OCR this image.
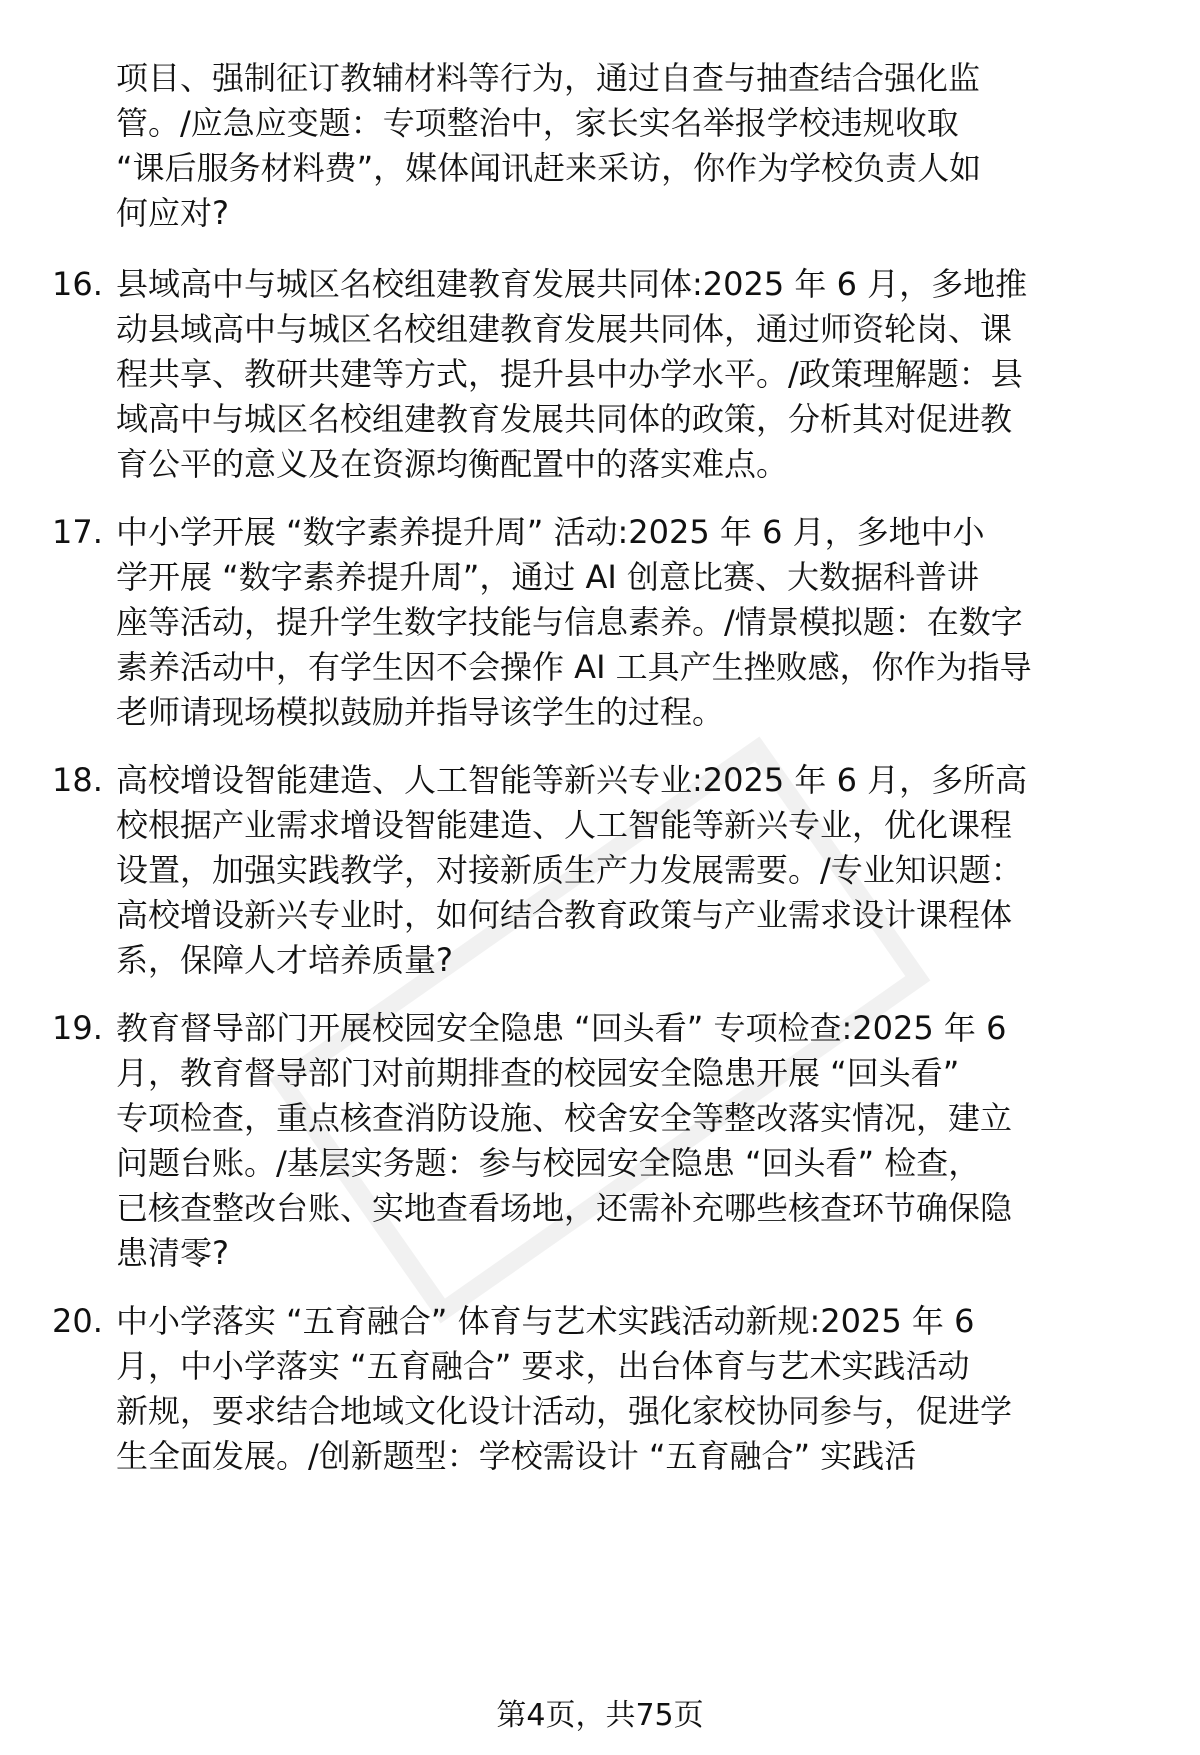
项目、强制征订教辅材料等行为，通过自查与抽查结合强化监
管。/应急应变题：专项整治中，家长实名举报学校违规收取
“课后服务材料费”，媒体闻讯赶来采访，你作为学校负责人如
何应对?
16. 县域高中与城区名校组建教育发展共同体:2025 年 6 月，多地推
动县域高中与城区名校组建教育发展共同体，通过师资轮岗、课
程共享、教研共建等方式，提升县中办学水平。/政策理解题：县
域高中与城区名校组建教育发展共同体的政策，分析其对促进教
育公平的意义及在资源均衡配置中的落实难点。
17. 中小学开展 “数字素养提升周” 活动:2025 年 6 月，多地中小
学开展 “数字素养提升周”，通过 AI 创意比赛、大数据科普讲
座等活动，提升学生数字技能与信息素养。/情景模拟题：在数字
素养活动中，有学生因不会操作 AI 工具产生挫败感，你作为指导
老师请现场模拟鼓励并指导该学生的过程。
18. 高校增设智能建造、人工智能等新兴专业:2025 年 6 月，多所高
校根据产业需求增设智能建造、人工智能等新兴专业，优化课程
设置，加强实践教学，对接新质生产力发展需要。/专业知识题：
高校增设新兴专业时，如何结合教育政策与产业需求设计课程体
系，保障人才培养质量?
19. 教育督导部门开展校园安全隐患 “回头看” 专项检查:2025 年 6
月，教育督导部门对前期排查的校园安全隐患开展 “回头看”
专项检查，重点核查消防设施、校舍安全等整改落实情况，建立
问题台账。/基层实务题：参与校园安全隐患 “回头看” 检查，
已核查整改台账、实地查看场地，还需补充哪些核查环节确保隐
患清零?
20. 中小学落实 “五育融合” 体育与艺术实践活动新规:2025 年 6
月，中小学落实 “五育融合” 要求，出台体育与艺术实践活动
新规，要求结合地域文化设计活动，强化家校协同参与，促进学
生全面发展。/创新题型：学校需设计 “五育融合” 实践活
第4页，共75页
